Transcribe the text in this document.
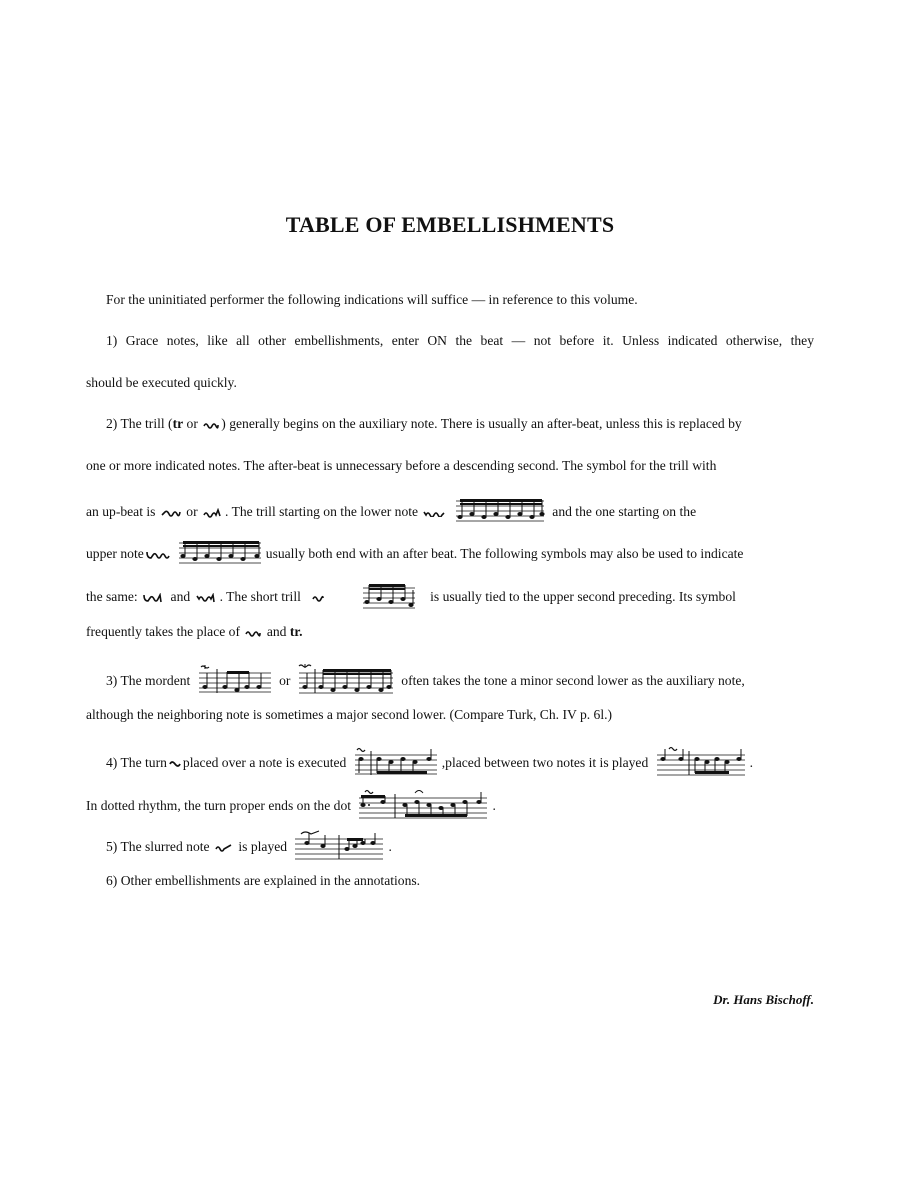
TABLE OF EMBELLISHMENTS
For the uninitiated performer the following indications will suffice — in reference to this volume.
1) Grace notes, like all other embellishments, enter ON the beat — not before it. Unless indicated otherwise, they
should be executed quickly.
2) The trill (tr or ) generally begins on the auxiliary note. There is usually an after-beat, unless this is replaced by
one or more indicated notes. The after-beat is unnecessary before a descending second. The symbol for the trill with
an up-beat is or . The trill starting on the lower note	and the one starting on the
upper note	usually both end with an after beat. The following symbols may also be used to indicate
the same: and . The short trill	is usually tied to the upper second preceding. Its symbol
frequently takes the place of and tr.
3) The mordent	or	often takes the tone a minor second lower as the auxiliary note,
although the neighboring note is sometimes a major second lower. (Compare Turk, Ch. IV p. 6l.)
4) The turn placed over a note is executed	,placed between two notes it is played	.
In dotted rhythm, the turn proper ends on the dot	.
5) The slurred note is played	.
6) Other embellishments are explained in the annotations.
Dr. Hans Bischoff.
